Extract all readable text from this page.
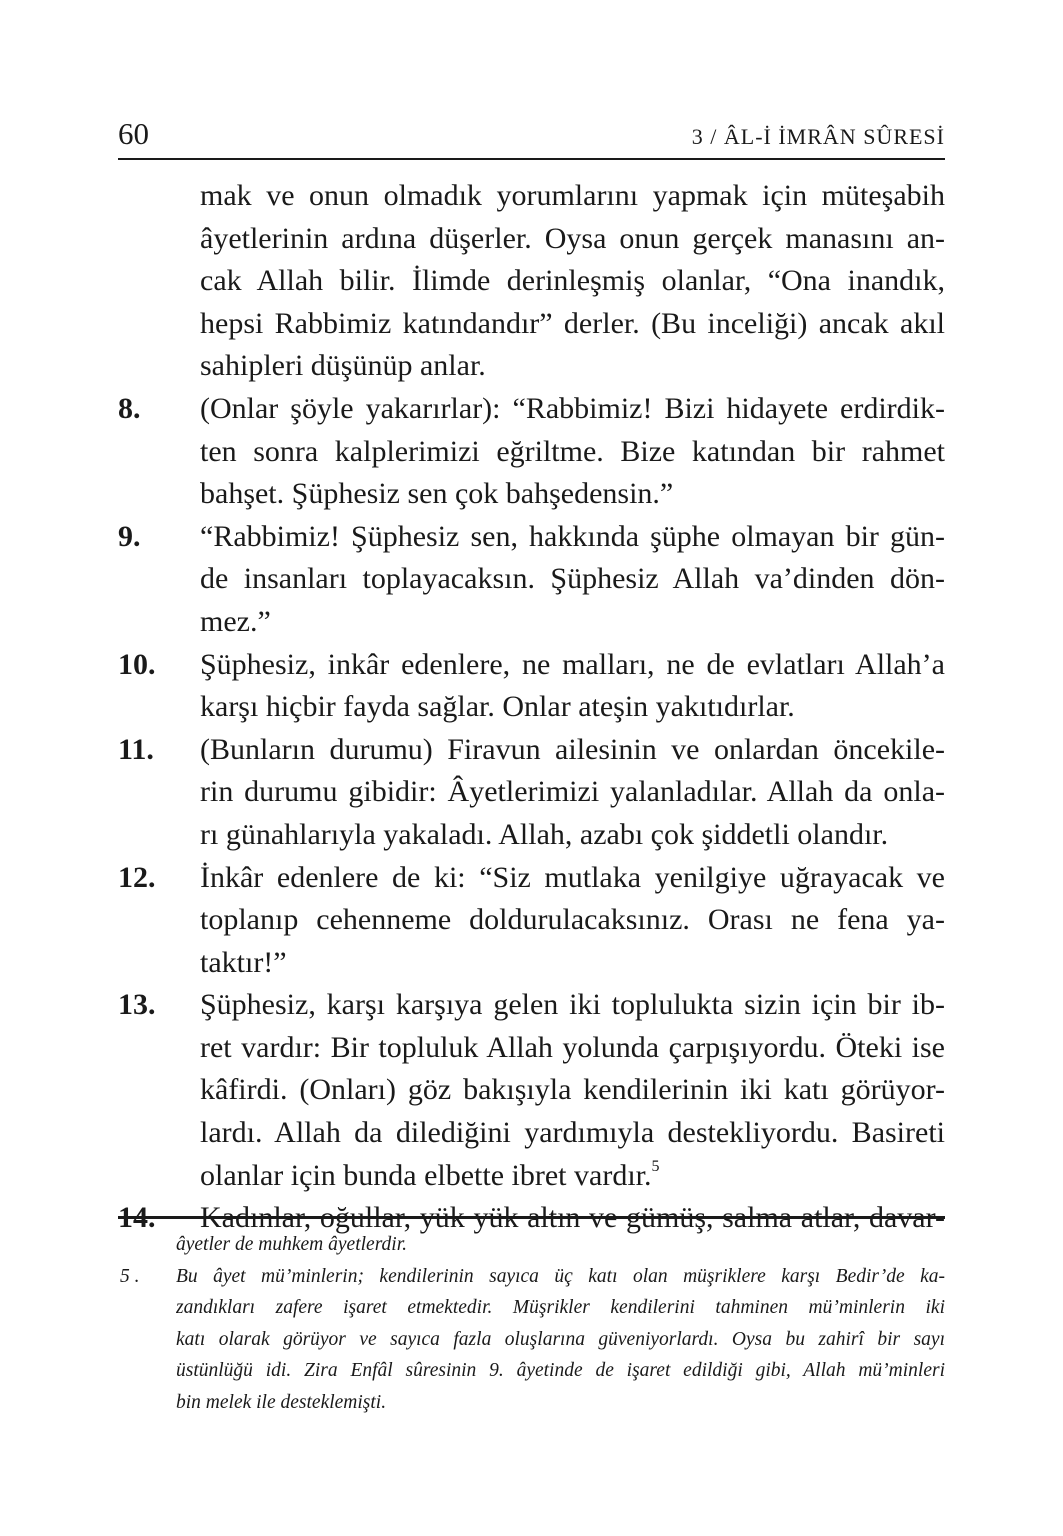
60	3 / ÂL-İ İMRÂN SÛRESİ
mak ve onun olmadık yorumlarını yapmak için müteşabih
âyetlerinin ardına düşerler. Oysa onun gerçek manasını an-
cak Allah bilir. İlimde derinleşmiş olanlar, “Ona inandık,
hepsi Rabbimiz katındandır” derler. (Bu inceliği) ancak akıl
sahipleri düşünüp anlar.
8. (Onlar şöyle yakarırlar): “Rabbimiz! Bizi hidayete erdirdik-
ten sonra kalplerimizi eğriltme. Bize katından bir rahmet
bahşet. Şüphesiz sen çok bahşedensin.”
9. “Rabbimiz! Şüphesiz sen, hakkında şüphe olmayan bir gün-
de insanları toplayacaksın. Şüphesiz Allah va’dinden dön-
mez.”
10. Şüphesiz, inkâr edenlere, ne malları, ne de evlatları Allah’a
karşı hiçbir fayda sağlar. Onlar ateşin yakıtıdırlar.
11. (Bunların durumu) Firavun ailesinin ve onlardan öncekile-
rin durumu gibidir: Âyetlerimizi yalanladılar. Allah da onla-
rı günahlarıyla yakaladı. Allah, azabı çok şiddetli olandır.
12. İnkâr edenlere de ki: “Siz mutlaka yenilgiye uğrayacak ve
toplanıp cehenneme doldurulacaksınız. Orası ne fena ya-
taktır!”
13. Şüphesiz, karşı karşıya gelen iki toplulukta sizin için bir ib-
ret vardır: Bir topluluk Allah yolunda çarpışıyordu. Öteki ise
kâfirdi. (Onları) göz bakışıyla kendilerinin iki katı görüyor-
lardı. Allah da dilediğini yardımıyla destekliyordu. Basireti
olanlar için bunda elbette ibret vardır.$^5$
14. Kadınlar, oğullar, yük yük altın ve gümüş, salma atlar, davar-
âyetler de muhkem âyetlerdir.
5 . Bu âyet mü’minlerin; kendilerinin sayıca üç katı olan müşriklere karşı Bedir’de ka-
zandıkları zafere işaret etmektedir. Müşrikler kendilerini tahminen mü’minlerin iki
katı olarak görüyor ve sayıca fazla oluşlarına güveniyorlardı. Oysa bu zahirî bir sayı
üstünlüğü idi. Zira Enfâl sûresinin 9. âyetinde de işaret edildiği gibi, Allah mü’minleri
bin melek ile desteklemişti.
